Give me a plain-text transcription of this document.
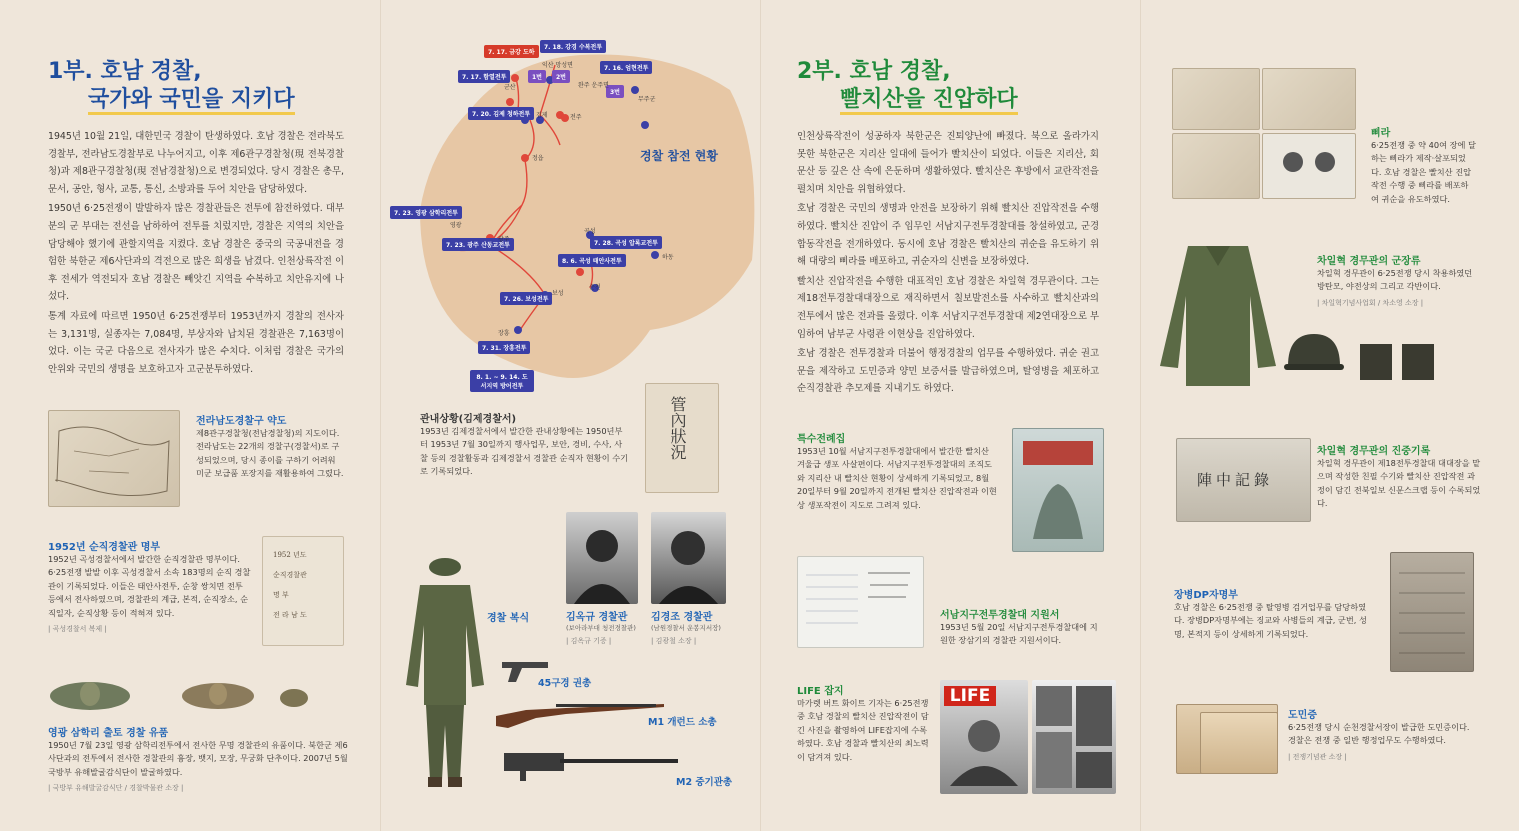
1부. 호남 경찰,
국가와 국민을 지키다

1945년 10월 21일, 대한민국 경찰이 탄생하였다. 호남 경찰은 전라북도경찰부, 전라남도경찰부로 나누어지고, 이후 제6관구경찰청(現 전북경찰청)과 제8관구경찰청(現 전남경찰청)으로 변경되었다. 당시 경찰은 총무, 문서, 공안, 형사, 교통, 통신, 소방과를 두어 치안을 담당하였다.

1950년 6·25전쟁이 발발하자 많은 경찰관들은 전투에 참전하였다. 대부분의 군 부대는 전선을 남하하여 전투를 치렀지만, 경찰은 지역의 치안을 담당해야 했기에 관할지역을 지켰다. 호남 경찰은 중국의 국공내전을 경험한 북한군 제6사단과의 격전으로 많은 희생을 남겼다. 인천상륙작전 이후 전세가 역전되자 호남 경찰은 빼앗긴 지역을 수복하고 치안유지에 나섰다.

통계 자료에 따르면 1950년 6·25전쟁부터 1953년까지 경찰의 전사자는 3,131명, 실종자는 7,084명, 부상자와 납치된 경찰관은 7,163명이었다. 이는 국군 다음으로 전사자가 많은 수치다. 이처럼 경찰은 국가의 안위와 국민의 생명을 보호하고자 고군분투하였다.

전라남도경찰구 약도
제8관구경찰청(전남경찰청)의 지도이다. 전라남도는 22개의 경찰구(경찰서)로 구성되었으며, 당시 종이를 구하기 어려워 미군 보급품 포장지를 재활용하여 그렸다.
1952년 순직경찰관 명부
1952년 곡성경찰서에서 발간한 순직경찰관 명부이다. 6·25전쟁 발발 이후 곡성경찰서 소속 183명의 순직 경찰관이 기록되었다. 이들은 태안사전투, 순창 쌍치면 전투 등에서 전사하였으며, 경찰관의 계급, 본적, 순직장소, 순직일자, 순직상황 등이 적혀져 있다.
| 곡성경찰서 복제 |
1952 년도
순직경찰관
명 부
전 라 남 도
영광 삼학리 출토 경찰 유품
1950년 7월 23일 영광 삼학리전투에서 전사한 무명 경찰관의 유품이다. 북한군 제6사단과의 전투에서 전사한 경찰관의 흉장, 뱃지, 모장, 무궁화 단추이다. 2007년 5월 국방부 유해발굴감식단이 발굴하였다.
| 국방부 유해발굴감식단 / 경찰박물관 소장 |
경찰 참전 현황
7. 17. 금강 도하
7. 18. 강경 수복전투
7. 16. 엄현전투
7. 17. 함열전투
7. 20. 김제 청하전투
7. 23. 영광 삼학리전투
7. 23. 광주 산동교전투	7. 28. 곡성 압록교전투
8. 6. 곡성 태안사전투
7. 26. 보성전투
7. 31. 장흥전투
8. 1. ~ 9. 14. 도서지역 방어전투
1번	2번
3번
익산 망성면
군산	완주 운주면
무주군
김제	전주
정읍
영광
광주
곡성
하동
순천
보성
장흥
관내상황(김제경찰서)
1953년 김제경찰서에서 발간한 관내상황에는 1950년부터 1953년 7월 30일까지 행사업무, 보안, 경비, 수사, 사찰 등의 경찰활동과 김제경찰서 경찰관 순직자 현황이 수기로 기록되었다.
管內狀況
김옥규 경찰관
(보아라부대 청전경찰관)
| 김옥규 기증 |
김경조 경찰관
(남원경찰서 운봉지서장)
| 김광철 소장 |
경찰 복식
45구경 권총
M1 개런드 소총
M2 중기관총
2부. 호남 경찰,
빨치산을 진압하다

인천상륙작전이 성공하자 북한군은 진퇴양난에 빠졌다. 북으로 올라가지 못한 북한군은 지리산 일대에 들어가 빨치산이 되었다. 이들은 지리산, 회문산 등 깊은 산 속에 은둔하며 생활하였다. 빨치산은 후방에서 교란작전을 펼치며 치안을 위협하였다.

호남 경찰은 국민의 생명과 안전을 보장하기 위해 빨치산 진압작전을 수행하였다. 빨치산 진압이 주 임무인 서남지구전투경찰대를 창설하였고, 군경합동작전을 전개하였다. 동시에 호남 경찰은 빨치산의 귀순을 유도하기 위해 대량의 삐라를 배포하고, 귀순자의 신변을 보장하였다.

빨치산 진압작전을 수행한 대표적인 호남 경찰은 차일혁 경무관이다. 그는 제18전투경찰대대장으로 재직하면서 칠보발전소를 사수하고 빨치산과의 전투에서 많은 전과를 올렸다. 이후 서남지구전투경찰대 제2연대장으로 부임하여 남부군 사령관 이현상을 진압하였다.

호남 경찰은 전투경찰과 더불어 행정경찰의 업무를 수행하였다. 귀순 권고문을 제작하고 도민증과 양민 보증서를 발급하였으며, 탈영병을 체포하고 순직경찰관 추모제를 지내기도 하였다.

특수전례집
1953년 10월 서남지구전투경찰대에서 발간한 빨치산 겨울급 생포 사살편이다. 서남지구전투경찰대의 조직도와 지리산 내 빨치산 현황이 상세하게 기록되었고, 8월 20일부터 9월 20일까지 전개된 빨치산 진압작전과 이현상 생포작전이 지도로 그려져 있다.
서남지구전투경찰대 지원서
1953년 5월 20일 서남지구전투경찰대에 지원한 장삼기의 경찰관 지원서이다.
LIFE 잡지
마가렛 버트 화이트 기자는 6·25전쟁 중 호남 경찰의 빨치산 진압작전이 담긴 사진을 촬영하여 LIFE잡지에 수록하였다. 호남 경찰과 빨치산의 최노력이 담겨져 있다.
LIFE
삐라
6·25전쟁 중 약 40여 장에 달하는 삐라가 제작·살포되었다. 호남 경찰은 빨치산 진압작전 수행 중 삐라를 배포하여 귀순을 유도하였다.
차일혁 경무관의 군장류
차일혁 경무관이 6·25전쟁 당시 착용하였던 방탄모, 야전상의 그리고 각반이다.
| 차일혁기념사업회 / 차소영 소장 |
陣中記錄
차일혁 경무관의 진중기록
차일혁 경무관이 제18전투경찰대 대대장을 맡으며 작성한 친필 수기와 빨치산 진압작전 과정이 담긴 전북일보 신문스크랩 등이 수록되었다.
장병DP자명부
호남 경찰은 6·25전쟁 중 탈영병 검거업무를 담당하였다. 장병DP자명부에는 징교와 사병들의 계급, 군번, 성명, 본적지 등이 상세하게 기록되었다.
도민증
6·25전쟁 당시 순천경찰서장이 발급한 도민증이다. 경찰은 전쟁 중 일반 행정업무도 수행하였다.
| 전쟁기념관 소장 |
